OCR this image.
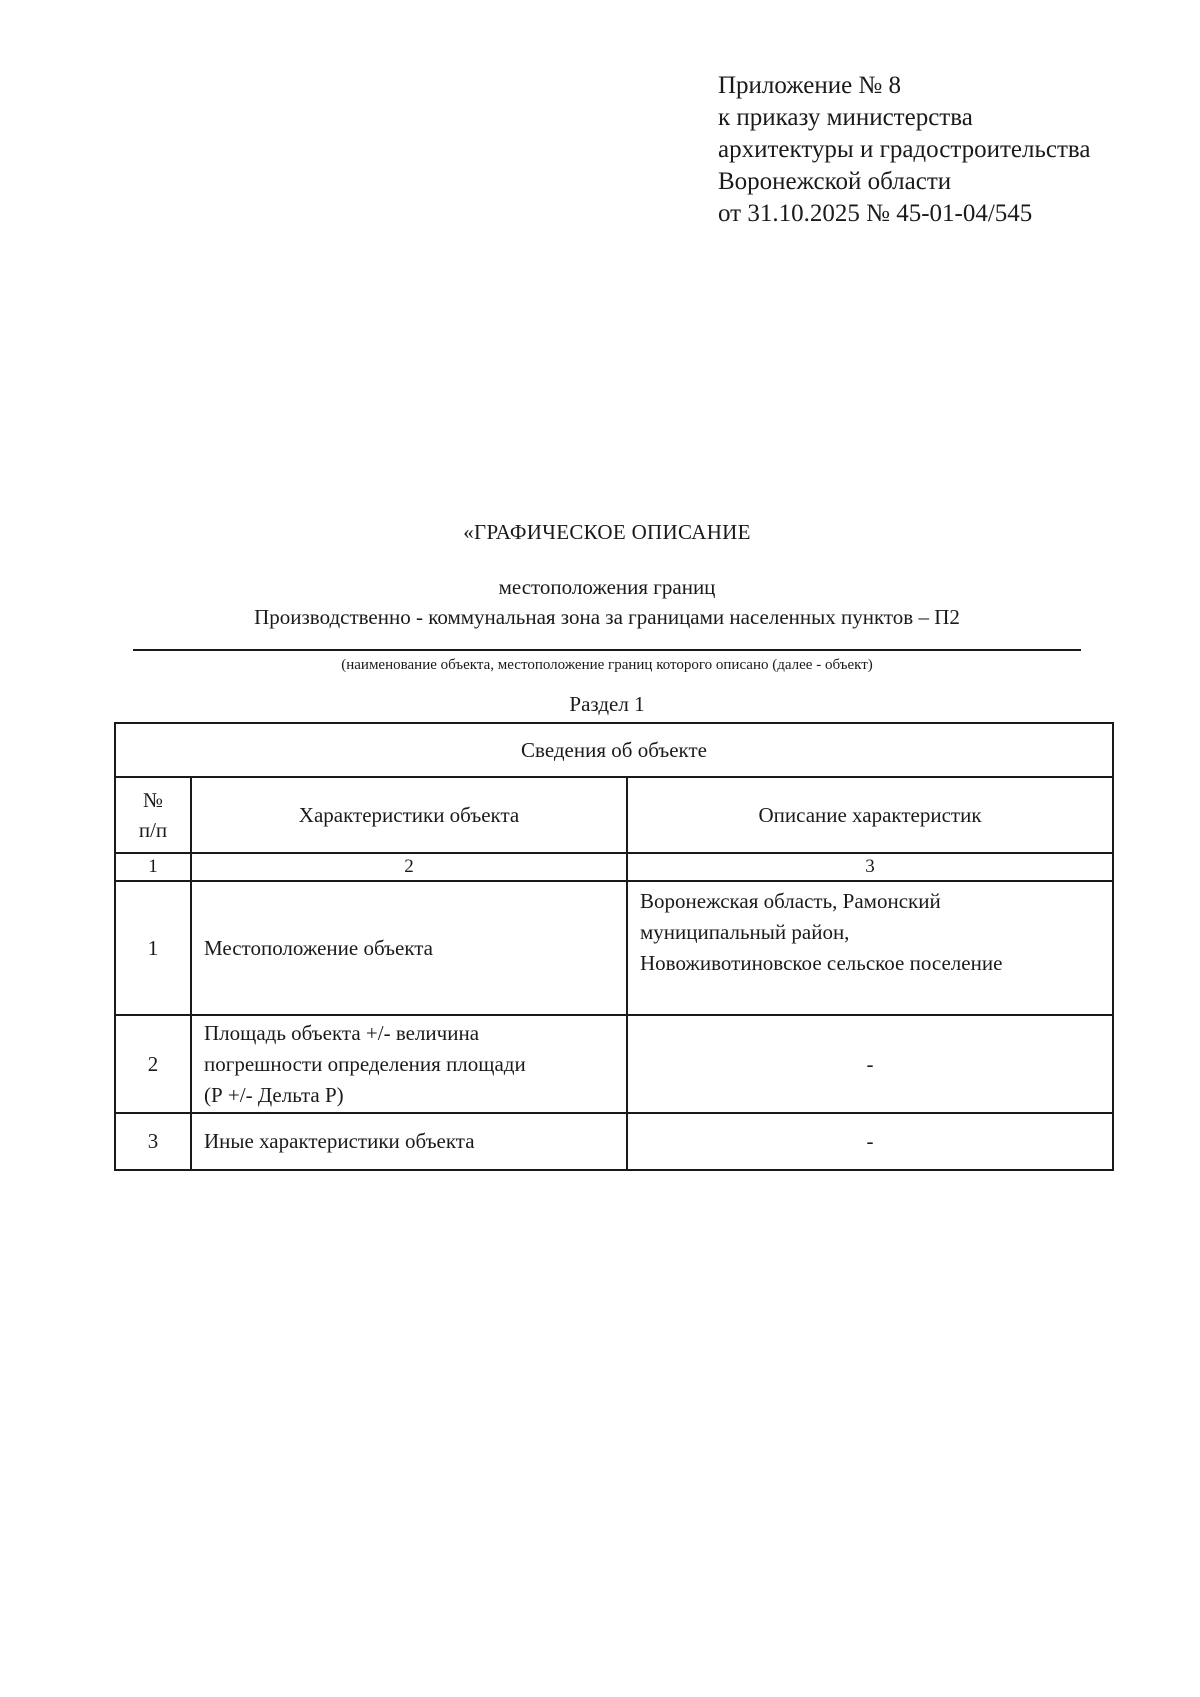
Приложение № 8
к приказу министерства
архитектуры и градостроительства
Воронежской области
от 31.10.2025 № 45-01-04/545
«ГРАФИЧЕСКОЕ ОПИСАНИЕ
местоположения границ
Производственно - коммунальная зона за границами населенных пунктов – П2
(наименование объекта, местоположение границ которого описано (далее - объект)
Раздел 1
Сведения об объекте		

№
п/п	Характеристики объекта	Описание характеристик
1	2	3
1	Местоположение объекта	Воронежская область, Рамонский
муниципальный район,
Новоживотиновское сельское поселение

2	Площадь объекта +/- величина
погрешности определения площади
(Р +/- Дельта Р)	-

3	Иные характеристики объекта	-
